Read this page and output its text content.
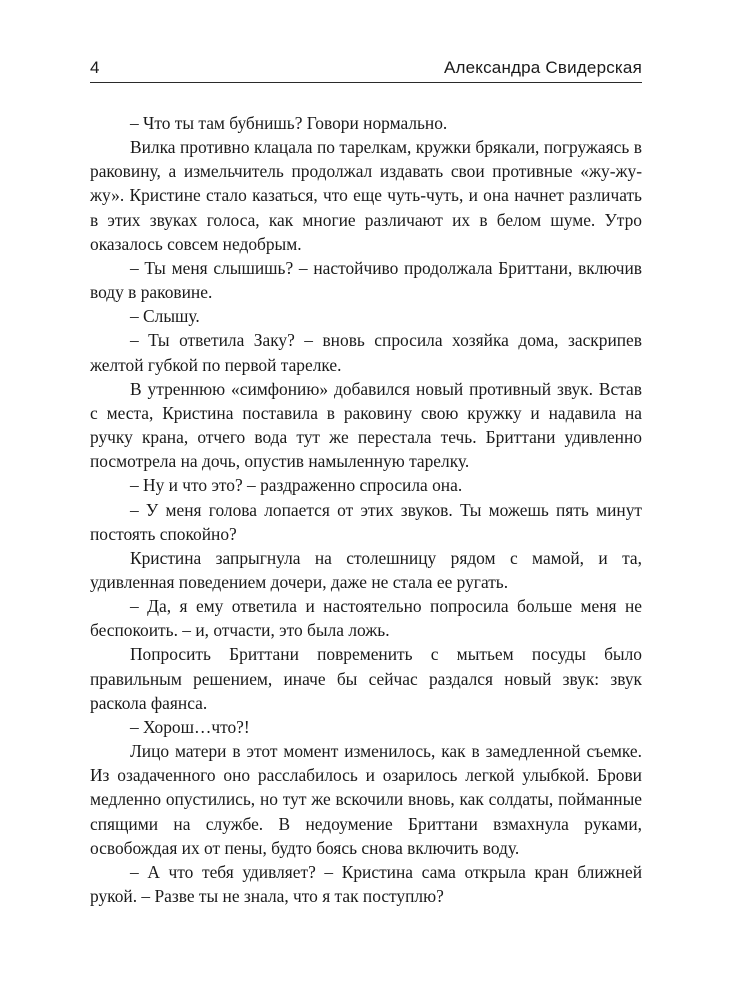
4	Александра Свидерская

– Что ты там бубнишь? Говори нормально.

Вилка противно клацала по тарелкам, кружки брякали, погружаясь в раковину, а измельчитель продолжал издавать свои противные «жу-жу-жу». Кристине стало казаться, что еще чуть-чуть, и она начнет различать в этих звуках голоса, как многие различают их в белом шуме. Утро оказалось совсем недобрым.

– Ты меня слышишь? – настойчиво продолжала Бриттани, включив воду в раковине.

– Слышу.

– Ты ответила Заку? – вновь спросила хозяйка дома, заскрипев желтой губкой по первой тарелке.

В утреннюю «симфонию» добавился новый противный звук. Встав с места, Кристина поставила в раковину свою кружку и надавила на ручку крана, отчего вода тут же перестала течь. Бриттани удивленно посмотрела на дочь, опустив намыленную тарелку.

– Ну и что это? – раздраженно спросила она.

– У меня голова лопается от этих звуков. Ты можешь пять минут постоять спокойно?

Кристина запрыгнула на столешницу рядом с мамой, и та, удивленная поведением дочери, даже не стала ее ругать.

– Да, я ему ответила и настоятельно попросила больше меня не беспокоить. – и, отчасти, это была ложь.

Попросить Бриттани повременить с мытьем посуды было правильным решением, иначе бы сейчас раздался новый звук: звук раскола фаянса.

– Хорош…что?!

Лицо матери в этот момент изменилось, как в замедленной съемке. Из озадаченного оно расслабилось и озарилось легкой улыбкой. Брови медленно опустились, но тут же вскочили вновь, как солдаты, пойманные спящими на службе. В недоумение Бриттани взмахнула руками, освобождая их от пены, будто боясь снова включить воду.

– А что тебя удивляет? – Кристина сама открыла кран ближней рукой. – Разве ты не знала, что я так поступлю?
